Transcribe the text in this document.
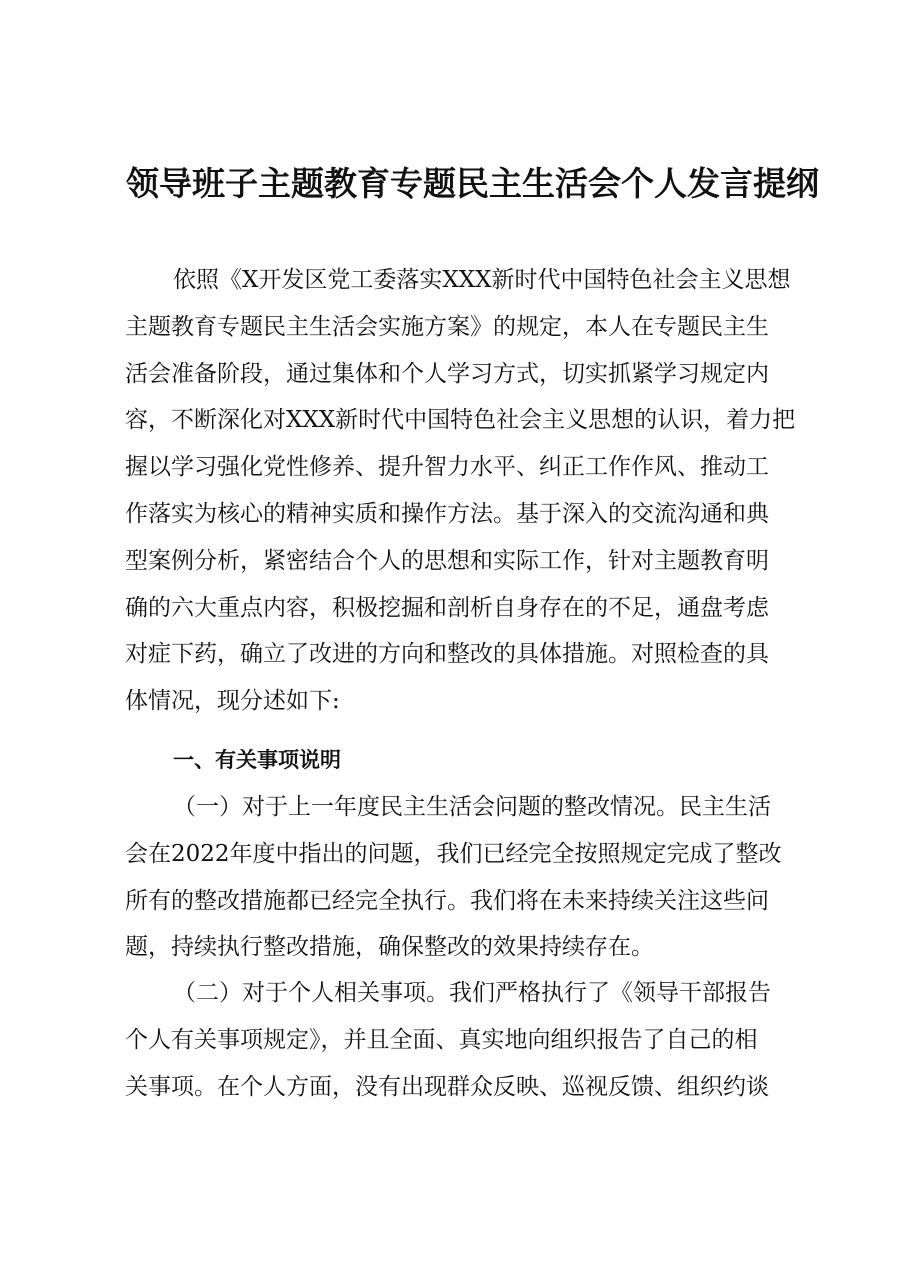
领导班子主题教育专题民主生活会个人发言提纲
依照《X开发区党工委落实XXX新时代中国特色社会主义思想
主题教育专题民主生活会实施方案》的规定，本人在专题民主生
活会准备阶段，通过集体和个人学习方式，切实抓紧学习规定内
容，不断深化对XXX新时代中国特色社会主义思想的认识，着力把
握以学习强化党性修养、提升智力水平、纠正工作作风、推动工
作落实为核心的精神实质和操作方法。基于深入的交流沟通和典
型案例分析，紧密结合个人的思想和实际工作，针对主题教育明
确的六大重点内容，积极挖掘和剖析自身存在的不足，通盘考虑
对症下药，确立了改进的方向和整改的具体措施。对照检查的具
体情况，现分述如下:
一、有关事项说明
（一）对于上一年度民主生活会问题的整改情况。民主生活
会在2022年度中指出的问题，我们已经完全按照规定完成了整改
所有的整改措施都已经完全执行。我们将在未来持续关注这些问
题，持续执行整改措施，确保整改的效果持续存在。
（二）对于个人相关事项。我们严格执行了《领导干部报告
个人有关事项规定》，并且全面、真实地向组织报告了自己的相
关事项。在个人方面，没有出现群众反映、巡视反馈、组织约谈
